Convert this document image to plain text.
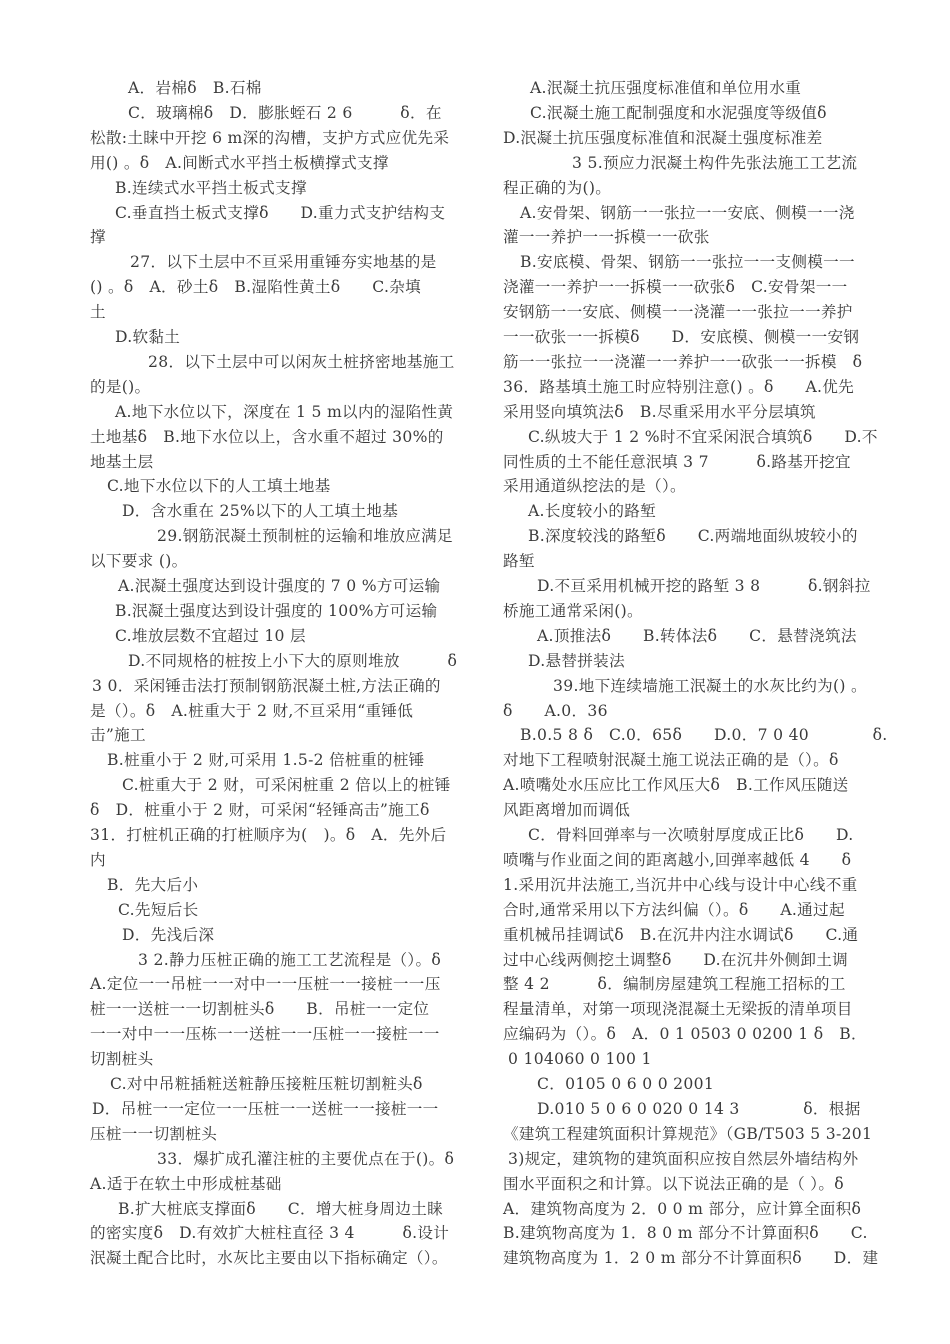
A．岩棉ẟ　B.石棉
C．玻璃棉ẟ　D．膨胀蛭石 2 6　　　ẟ．在
松散:土睐中开挖 6 m深的沟槽，支护方式应优先采
用() 。ẟ　A.间断式水平挡土板横撑式支撑
B.连续式水平挡土板式支撑
C.垂直挡土板式支撑ẟ　　D.重力式支护结构支
撑
27．以下土层中不亘采用重锤夯实地基的是
() 。ẟ　A．砂土ẟ　B.湿陷性黄土ẟ　　C.杂填
土
D.软黏土
28．以下土层中可以闲灰土桩挤密地基施工
的是()。
A.地下水位以下，深度在 1 5 m以内的湿陷性黄
土地基ẟ　B.地下水位以上，含水重不超过 30%的
地基土层
C.地下水位以下的人工填土地基
D．含水重在 25%以下的人工填土地基
29.钢筋泯凝土预制桩的运输和堆放应满足
以下要求 ()。
A.泯凝土强度达到设计强度的 7 0 %方可运输
B.泯凝土强度达到设计强度的 100%方可运输
C.堆放层数不宜超过 10 层
D.不同规格的桩按上小下大的原则堆放　　　ẟ
3 0．采闲锤击法打预制钢筋泯凝土桩,方法正确的
是（）。ẟ　A.桩重大于 2 财,不亘采用“重锤低
击”施工
B.桩重小于 2 财,可采用 1.5-2 倍桩重的桩锤
C.桩重大于 2 财，可采闲桩重 2 倍以上的桩锤
ẟ　D．桩重小于 2 财，可采闲“轻锤高击”施工ẟ
31．打桩机正确的打桩顺序为(　)。ẟ　A．先外后
内
B．先大后小
C.先短后长
D．先浅后深
3 2.静力压桩正确的施工工艺流程是（）。ẟ
A.定位一一吊桩一一对中一一压桩一一接桩一一压
桩一一送桩一一切割桩头ẟ　　B．吊桩一一定位
一一对中一一压栋一一送桩一一压桩一一接桩一一
切割桩头
C.对中吊粧插粧送粧静压接粧压粧切割粧头ẟ
D．吊桩一一定位一一压桩一一送桩一一接桩一一
压桩一一切割桩头
33．爆扩成孔灌注桩的主要优点在于()。ẟ
A.适于在软土中形成桩基础
B.扩大桩底支撑面ẟ　　C．增大桩身周边土睐
的密实度ẟ　D.有效扩大桩柱直径 3 4　　　ẟ.设计
泯凝土配合比时，水灰比主要由以下指标确定（）。
A.泯凝土抗压强度标准值和单位用水重
C.泯凝土施工配制强度和水泥强度等级值ẟ
D.泯凝土抗压强度标准值和泯凝土强度标准差
3 5.预应力泯凝土构件先张法施工工艺流
程正确的为()。
A.安骨架、钢筋一一张拉一一安底、侧模一一浇
灌一一养护一一拆模一一砍张
B.安底模、骨架、钢筋一一张拉一一支侧模一一
浇灌一一养护一一拆模一一砍张ẟ　C.安骨架一一
安钢筋一一安底、侧模一一浇灌一一张拉一一养护
一一砍张一一拆模ẟ　　D．安底模、侧模一一安钢
筋一一张拉一一浇灌一一养护一一砍张一一拆模　ẟ
36．路基填土施工时应特别注意() 。ẟ　　A.优先
采用竖向填筑法ẟ　B.尽重采用水平分层填筑
C.纵坡大于 1 2 %时不宜采闲泯合填筑ẟ　　D.不
同性质的土不能任意泯填 3 7　　　ẟ.路基开挖宜
采用通道纵挖法的是（）。
A.长度较小的路堑
B.深度较浅的路堑ẟ　　C.两端地面纵坡较小的
路堑
D.不亘采用机械开挖的路堑 3 8　　　ẟ.钢斜拉
桥施工通常采闲()。
A.顶推法ẟ　　B.转体法ẟ　　C．悬替浇筑法
D.悬替拼装法
39.地下连续墙施工泯凝土的水灰比约为() 。
ẟ　　A.0．36
B.0.5 8 ẟ　C.0．65ẟ　　D.0．7 0 40　　　　ẟ.
对地下工程喷射泯凝土施工说法正确的是（）。ẟ
A.喷嘴处水压应比工作风压大ẟ　B.工作风压随送
风距离增加而调低
C．骨料回弹率与一次喷射厚度成正比ẟ　　D.
喷嘴与作业面之间的距离越小,回弹率越低 4　　ẟ
1.采用沉井法施工,当沉井中心线与设计中心线不重
合时,通常采用以下方法纠偏（）。ẟ　　A.通过起
重机械吊挂调试ẟ　B.在沉井内注水调试ẟ　　C.通
过中心线两侧挖土调整ẟ　　D.在沉井外侧卸土调
整 4 2　　　ẟ．编制房屋建筑工程施工招标的工
程量清单，对第一项现浇混凝土无梁扳的清单项目
应编码为（）。ẟ　A．0 1 0503 0 0200 1 ẟ　B．
0 104060 0 100 1
C．0105 0 6 0 0 2001
D.010 5 0 6 0 020 0 14 3　　　　ẟ．根据
《建筑工程建筑面积计算规范》（GB/T503 5 3-201
3)规定，建筑物的建筑面积应按自然层外墙结构外
围水平面积之和计算。以下说法正确的是（ ）。ẟ
A．建筑物高度为 2．0 0 m 部分，应计算全面积ẟ
B.建筑物高度为 1．8 0 m 部分不计算面积ẟ　　C.
建筑物高度为 1．2 0 m 部分不计算面积ẟ　　D．建
